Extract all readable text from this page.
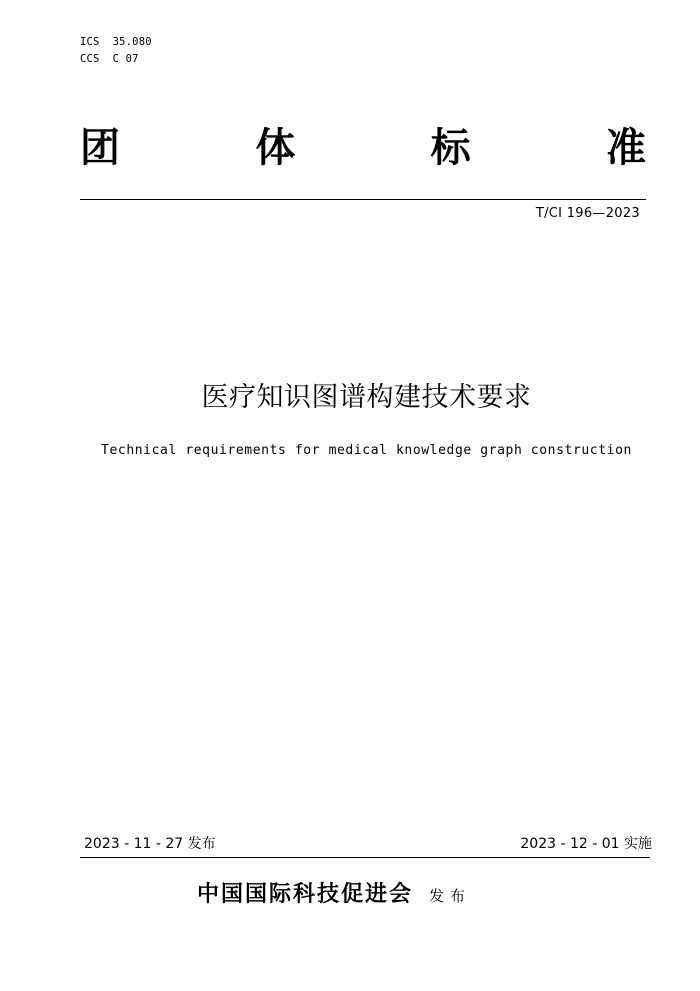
ICS  35.080
CCS  C 07
团	体	标	准
T/CI 196—2023
医疗知识图谱构建技术要求
Technical requirements for medical knowledge graph construction
2023 - 11 - 27 发布	2023 - 12 - 01 实施
中国国际科技促进会 发布
